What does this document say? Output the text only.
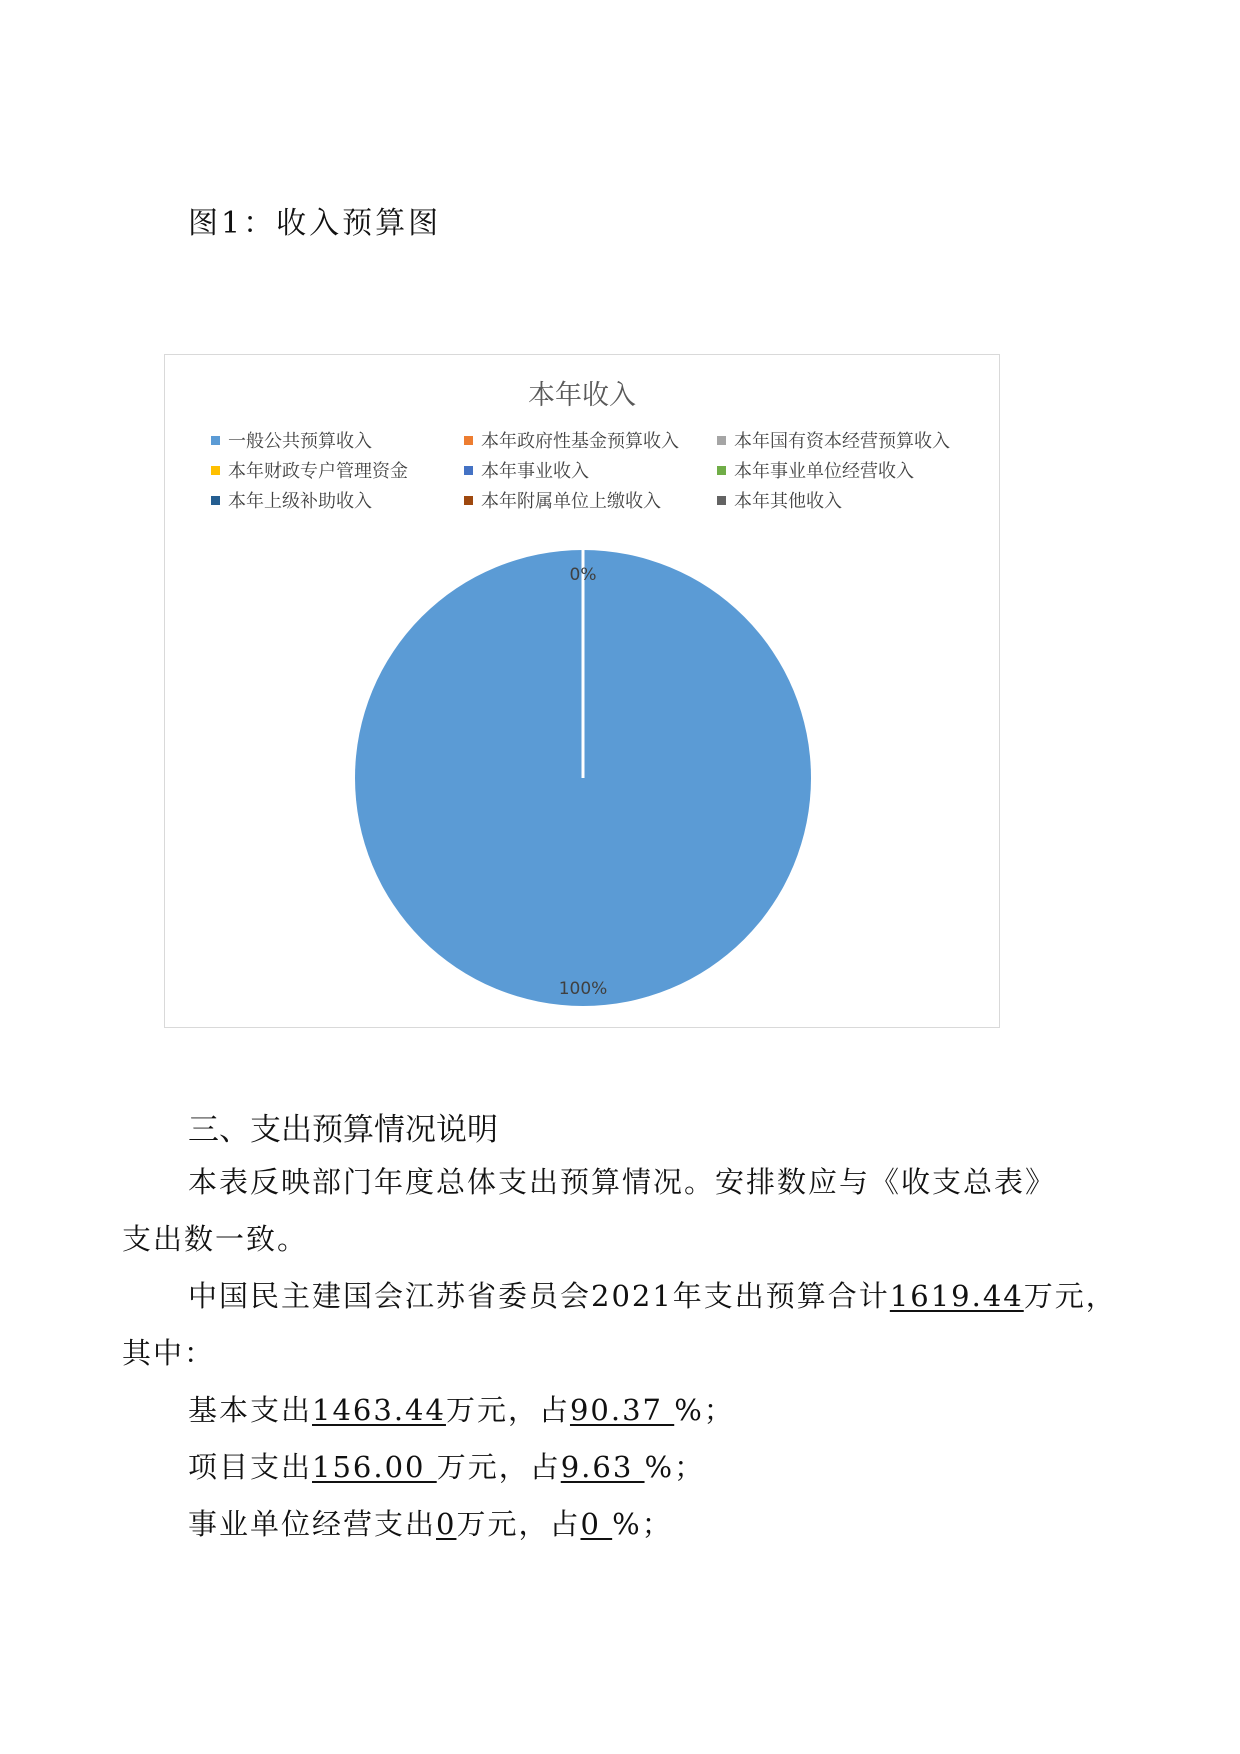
图1：收入预算图
本年收入
一般公共预算收入	本年政府性基金预算收入	本年国有资本经营预算收入
本年财政专户管理资金	本年事业收入	本年事业单位经营收入
本年上级补助收入	本年附属单位上缴收入	本年其他收入
100%
0%
三、支出预算情况说明
本表反映部门年度总体支出预算情况。安排数应与《收支总表》
支出数一致。
中国民主建国会江苏省委员会2021年支出预算合计1619.44万元，
其中：
基本支出1463.44万元，占90.37 %；
项目支出156.00 万元，占9.63 %；
事业单位经营支出0万元，占0 %；
